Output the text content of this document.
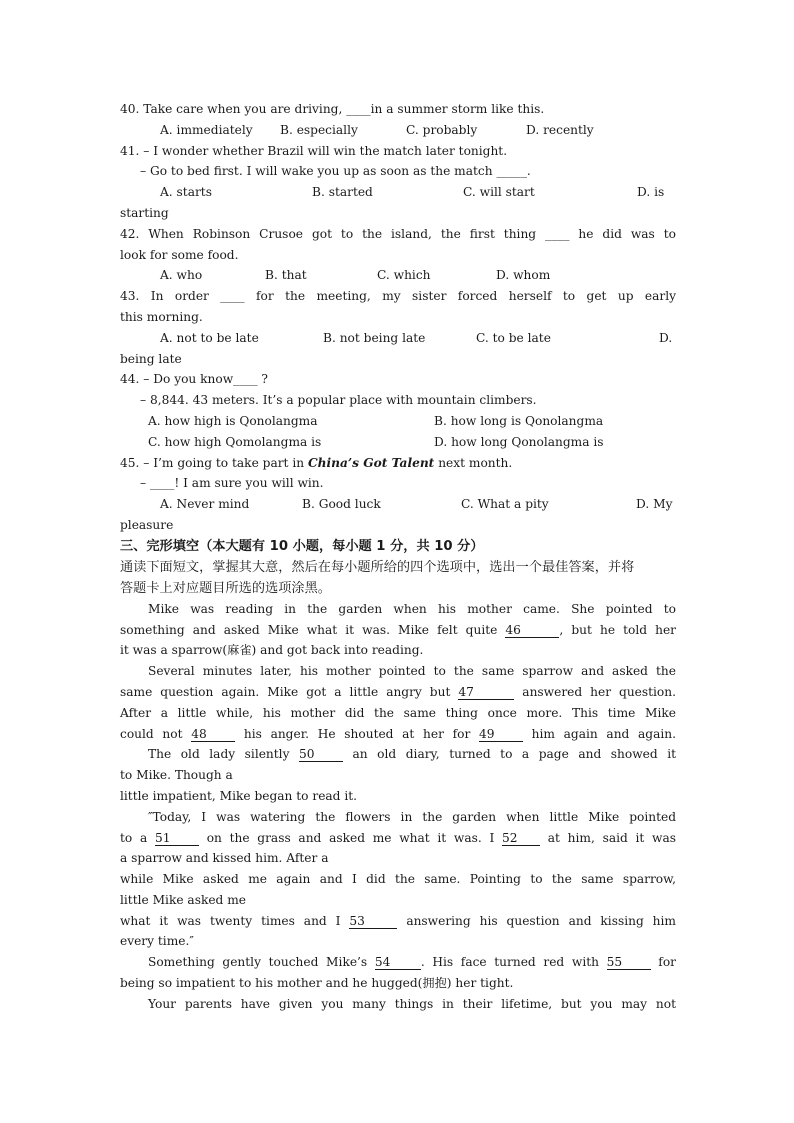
40. Take care when you are driving, ____in a summer storm like this.
A. immediately	B. especially	C. probably	D. recently
41. – I wonder whether Brazil will win the match later tonight.
– Go to bed first. I will wake you up as soon as the match _____.
A. starts	B. started	C. will start	D. is
starting
42. When Robinson Crusoe got to the island, the first thing ____ he did was to
look for some food.
A. who	B. that	C. which	D. whom
43. In order ____ for the meeting, my sister forced herself to get up early
this morning.
A. not to be late	B. not being late	C. to be late	D.
being late
44. – Do you know____ ?
– 8,844. 43 meters. It’s a popular place with mountain climbers.
A. how high is Qonolangma	B. how long is Qonolangma
C. how high Qomolangma is	D. how long Qonolangma is
45. – I’m going to take part in China’s Got Talent next month.
– ____! I am sure you will win.
A. Never mind	B. Good luck	C. What a pity	D. My
pleasure
三、完形填空（本大题有 10 小题，每小题 1 分，共 10 分）
通读下面短文，掌握其大意，然后在每小题所给的四个选项中，选出一个最佳答案，并将
答题卡上对应题目所选的选项涂黑。
Mike was reading in the garden when his mother came. She pointed to
something and asked Mike what it was. Mike felt quite 46	, but he told her
it was a sparrow(麻雀) and got back into reading.
Several minutes later, his mother pointed to the same sparrow and asked the
same question again. Mike got a little angry but 47	answered her question.
After a little while, his mother did the same thing once more. This time Mike
could not 48 his anger. He shouted at her for 49 him again and again.
The old lady silently 50 an old diary, turned to a page and showed it
to Mike. Though a
little impatient, Mike began to read it.
″Today, I was watering the flowers in the garden when little Mike pointed
to a 51 on the grass and asked me what it was. I 52 at him, said it was
a sparrow and kissed him. After a
while Mike asked me again and I did the same. Pointing to the same sparrow,
little Mike asked me
what it was twenty times and I 53	answering his question and kissing him
every time.″
Something gently touched Mike’s 54 . His face turned red with 55 for
being so impatient to his mother and he hugged(拥抱) her tight.
Your parents have given you many things in their lifetime, but you may not
